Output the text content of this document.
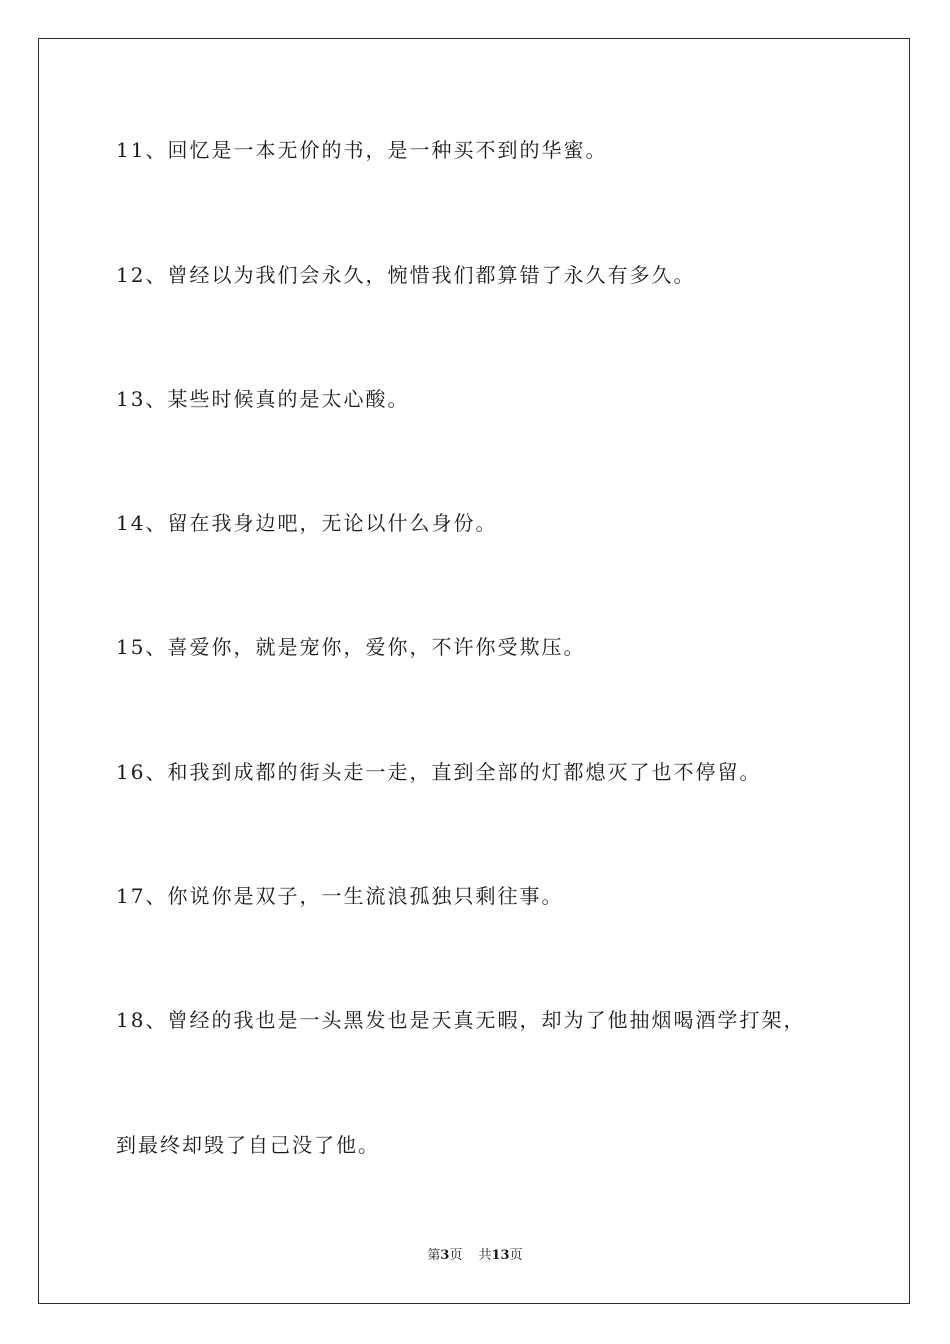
11、回忆是一本无价的书，是一种买不到的华蜜。
12、曾经以为我们会永久，惋惜我们都算错了永久有多久。
13、某些时候真的是太心酸。
14、留在我身边吧，无论以什么身份。
15、喜爱你，就是宠你，爱你，不许你受欺压。
16、和我到成都的街头走一走，直到全部的灯都熄灭了也不停留。
17、你说你是双子，一生流浪孤独只剩往事。
18、曾经的我也是一头黑发也是天真无暇，却为了他抽烟喝酒学打架，
到最终却毁了自己没了他。
第3页 共13页
